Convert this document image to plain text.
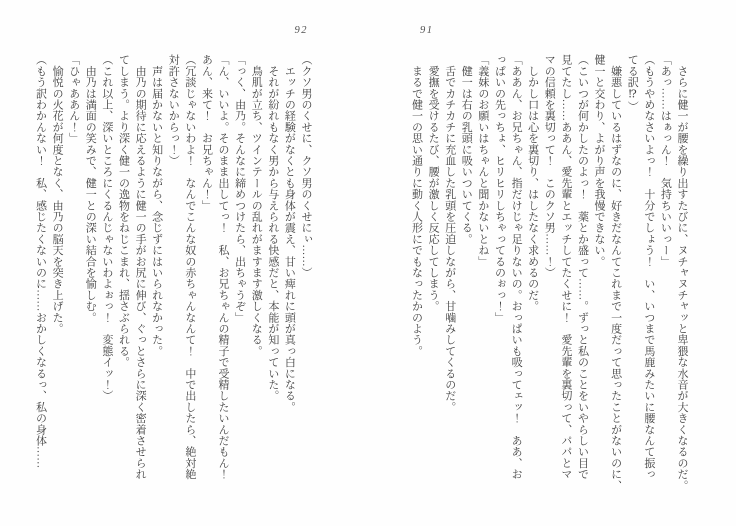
92

（クソ男のくせに、クソ男のくせにぃ……）

　エッチの経験がなくとも身体が震え、甘い痺れに頭が真っ白になる。

　それが紛れもなく男から与えられる快感だと、本能が知っていた。

　鳥肌が立ち、ツインテールの乱れがますます激しくなる。

「っく、由乃。そんなに締めつけたら、出ちゃうぞ」

「ん、いいよ。そのまま出してっ！　私、お兄ちゃんの精子で受精したいんだもん！

あん、来て！　お兄ちゃん！」

（冗談じゃないわよ！　なんでこんな奴の赤ちゃんなんて！　中で出したら、絶対絶

対許さないからっ！）

　声は届かないと知りながら、念じずにはいられなかった。

　由乃の期待に応えるように健一の手がお尻に伸び、ぐっとさらに深く密着させられ

てしまう。より深く健一の逸物をねじこまれ、揺さぶられる。

（これ以上、深いところにくるんじゃないわよぉっ！　変態イッ！）

　由乃は満面の笑みで、健一との深い結合を愉しむ。

「ひゃああん！」

　愉悦の火花が何度となく、由乃の脳天を突き上げた。

（もう訳わかんない！　私、感じたくないのに……おかしくなるっ、私の身体……

91

　さらに健一が腰を繰り出すたびに、ヌチャヌチャッと卑猥な水音が大きくなるのだ。

「あっ……はぁっん！　気持ちいいっー」

（もうやめなさいよっ！　十分でしょう！　い、いつまで馬鹿みたいに腰なんて振っ

てる訳⁉）

　嫌悪しているはずなのに、好きだなんてこれまで一度だって思ったことがないのに、

健一と交わり、よがり声を我慢できない。

（こいつが何かしたのよっ！　薬とか盛って……。ずっと私のことをいやらしい目で

見てたし……ああん、愛先輩とエッチしてたくせに！　愛先輩を裏切って、パパとマ

マの信頼を裏切って！　このクソ男……！）

　しかし口は心を裏切り、はしたなく求めるのだ。

「ああん、お兄ちゃん、指だけじゃ足りないの。おっぱいも吸ってェッ！　ああ、お

っぱいの先っちょ、ヒリヒリしちゃってるのぉっ！」

「義妹のお願いはちゃんと聞かないとね」

　健一は右の乳頭に吸いついてくる。

　舌でカチカチに充血した乳頭を圧迫しながら、甘噛みしてくるのだ。

　愛撫を受けるたび、腰が激しく反応してしまう。

　まるで健一の思い通りに動く人形にでもなったかのよう。
